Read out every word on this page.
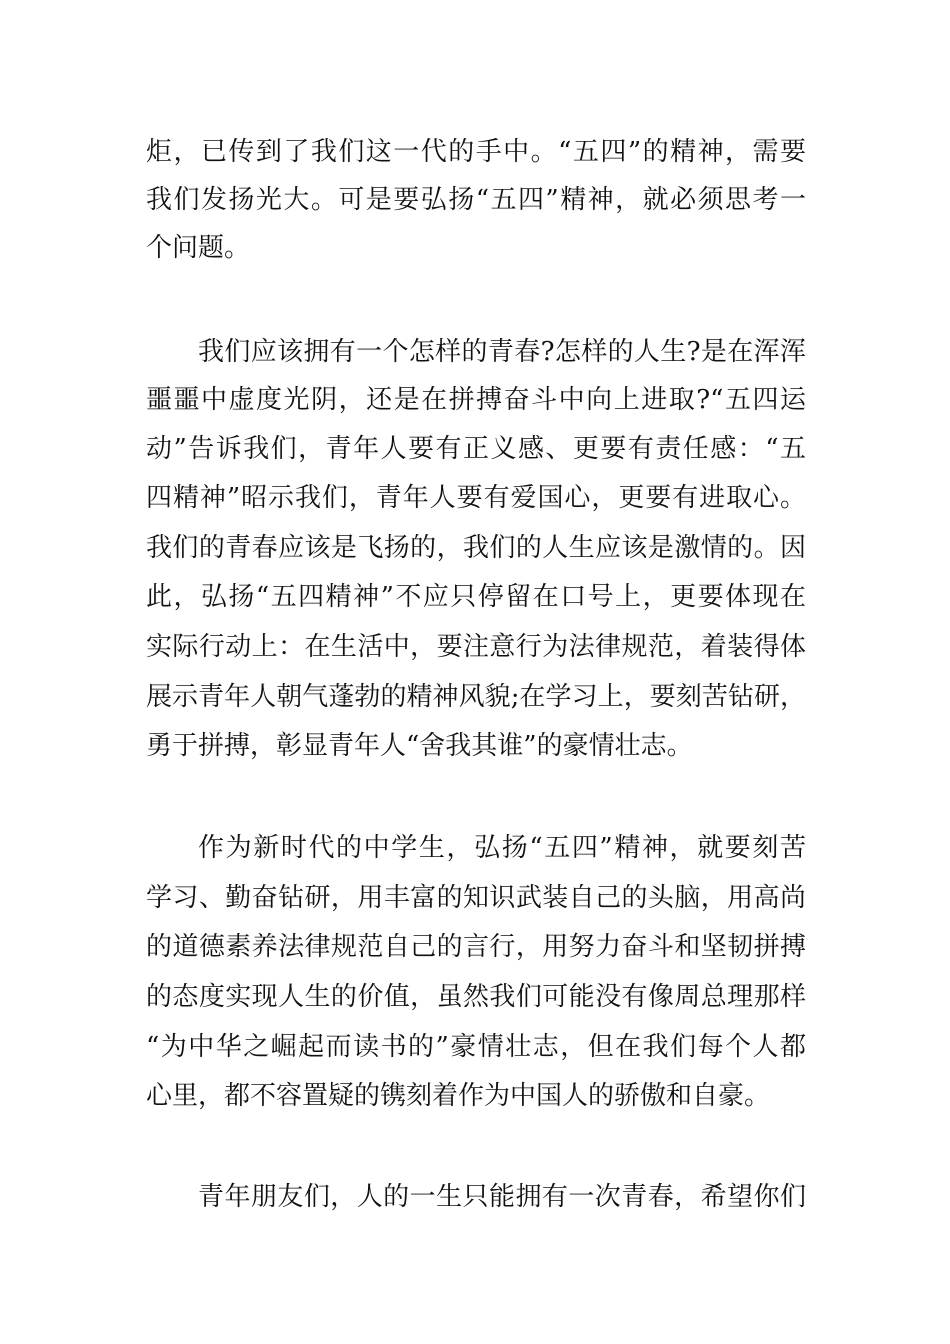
炬，已传到了我们这一代的手中。“五四”的精神，需要
我们发扬光大。可是要弘扬“五四”精神，就必须思考一
个问题。
我们应该拥有一个怎样的青春?怎样的人生?是在浑浑
噩噩中虚度光阴，还是在拼搏奋斗中向上进取?“五四运
动”告诉我们，青年人要有正义感、更要有责任感：“五
四精神”昭示我们，青年人要有爱国心，更要有进取心。
我们的青春应该是飞扬的，我们的人生应该是激情的。因
此，弘扬“五四精神”不应只停留在口号上，更要体现在
实际行动上：在生活中，要注意行为法律规范，着装得体
展示青年人朝气蓬勃的精神风貌;在学习上，要刻苦钻研，
勇于拼搏，彰显青年人“舍我其谁”的豪情壮志。
作为新时代的中学生，弘扬“五四”精神，就要刻苦
学习、勤奋钻研，用丰富的知识武装自己的头脑，用高尚
的道德素养法律规范自己的言行，用努力奋斗和坚韧拼搏
的态度实现人生的价值，虽然我们可能没有像周总理那样
“为中华之崛起而读书的”豪情壮志，但在我们每个人都
心里，都不容置疑的镌刻着作为中国人的骄傲和自豪。
青年朋友们，人的一生只能拥有一次青春，希望你们
